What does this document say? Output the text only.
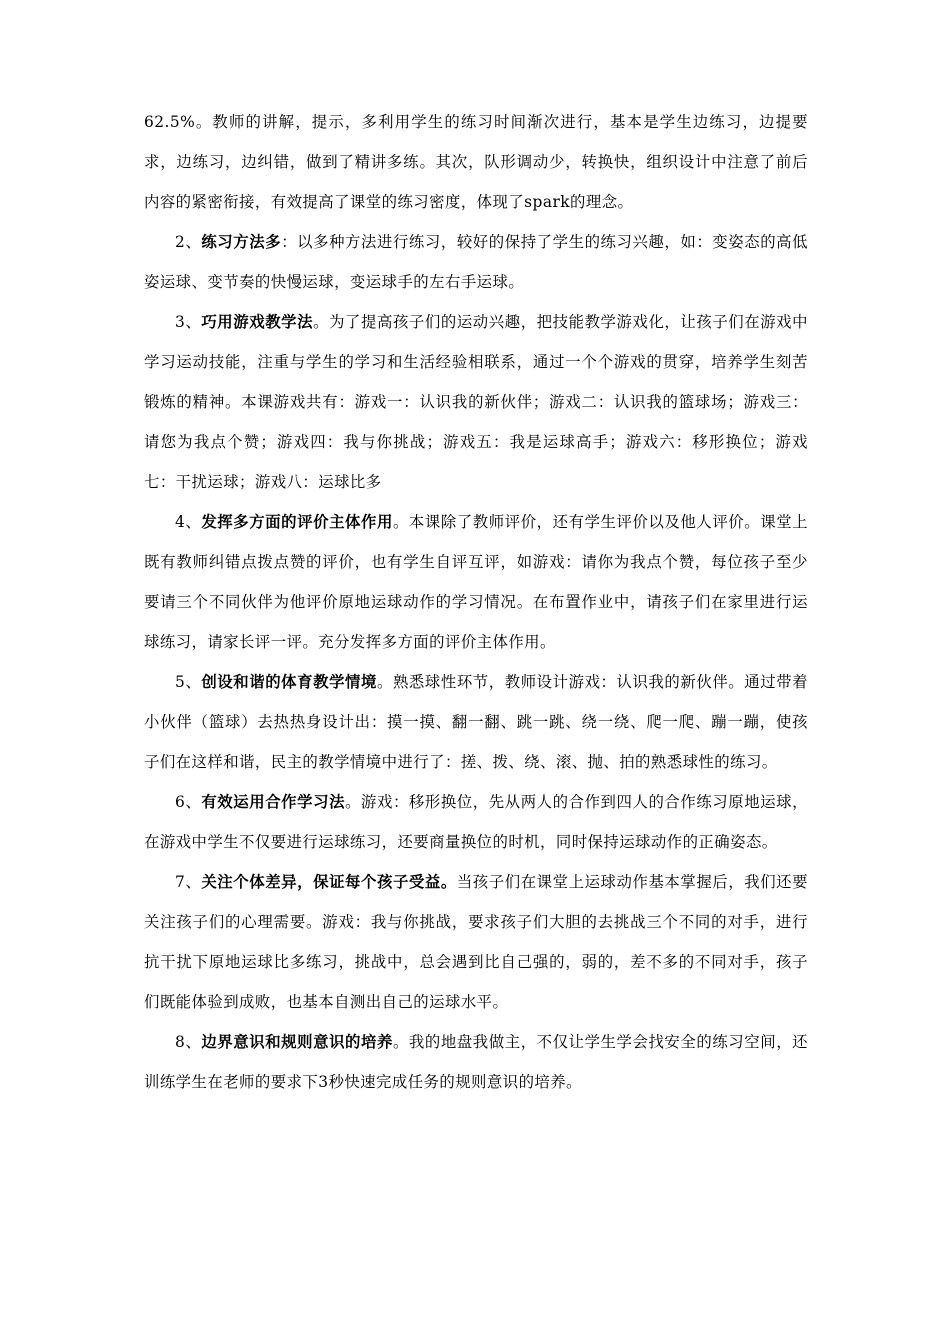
62.5%。教师的讲解，提示，多利用学生的练习时间渐次进行，基本是学生边练习，边提要求，边练习，边纠错，做到了精讲多练。其次，队形调动少，转换快，组织设计中注意了前后内容的紧密衔接，有效提高了课堂的练习密度，体现了spark的理念。

2、练习方法多：以多种方法进行练习，较好的保持了学生的练习兴趣，如：变姿态的高低姿运球、变节奏的快慢运球，变运球手的左右手运球。

3、巧用游戏教学法。为了提高孩子们的运动兴趣，把技能教学游戏化，让孩子们在游戏中学习运动技能，注重与学生的学习和生活经验相联系，通过一个个游戏的贯穿，培养学生刻苦锻炼的精神。本课游戏共有：游戏一：认识我的新伙伴；游戏二：认识我的篮球场；游戏三：请您为我点个赞；游戏四：我与你挑战；游戏五：我是运球高手；游戏六：移形换位；游戏七：干扰运球；游戏八：运球比多

4、发挥多方面的评价主体作用。本课除了教师评价，还有学生评价以及他人评价。课堂上既有教师纠错点拨点赞的评价，也有学生自评互评，如游戏：请你为我点个赞，每位孩子至少要请三个不同伙伴为他评价原地运球动作的学习情况。在布置作业中，请孩子们在家里进行运球练习，请家长评一评。充分发挥多方面的评价主体作用。

5、创设和谐的体育教学情境。熟悉球性环节，教师设计游戏：认识我的新伙伴。通过带着小伙伴（篮球）去热热身设计出：摸一摸、翻一翻、跳一跳、绕一绕、爬一爬、蹦一蹦，使孩子们在这样和谐，民主的教学情境中进行了：搓、拨、绕、滚、抛、拍的熟悉球性的练习。

6、有效运用合作学习法。游戏：移形换位，先从两人的合作到四人的合作练习原地运球，在游戏中学生不仅要进行运球练习，还要商量换位的时机，同时保持运球动作的正确姿态。

7、关注个体差异，保证每个孩子受益。当孩子们在课堂上运球动作基本掌握后，我们还要关注孩子们的心理需要。游戏：我与你挑战，要求孩子们大胆的去挑战三个不同的对手，进行抗干扰下原地运球比多练习，挑战中，总会遇到比自己强的，弱的，差不多的不同对手，孩子们既能体验到成败，也基本自测出自己的运球水平。

8、边界意识和规则意识的培养。我的地盘我做主，不仅让学生学会找安全的练习空间，还训练学生在老师的要求下3秒快速完成任务的规则意识的培养。
